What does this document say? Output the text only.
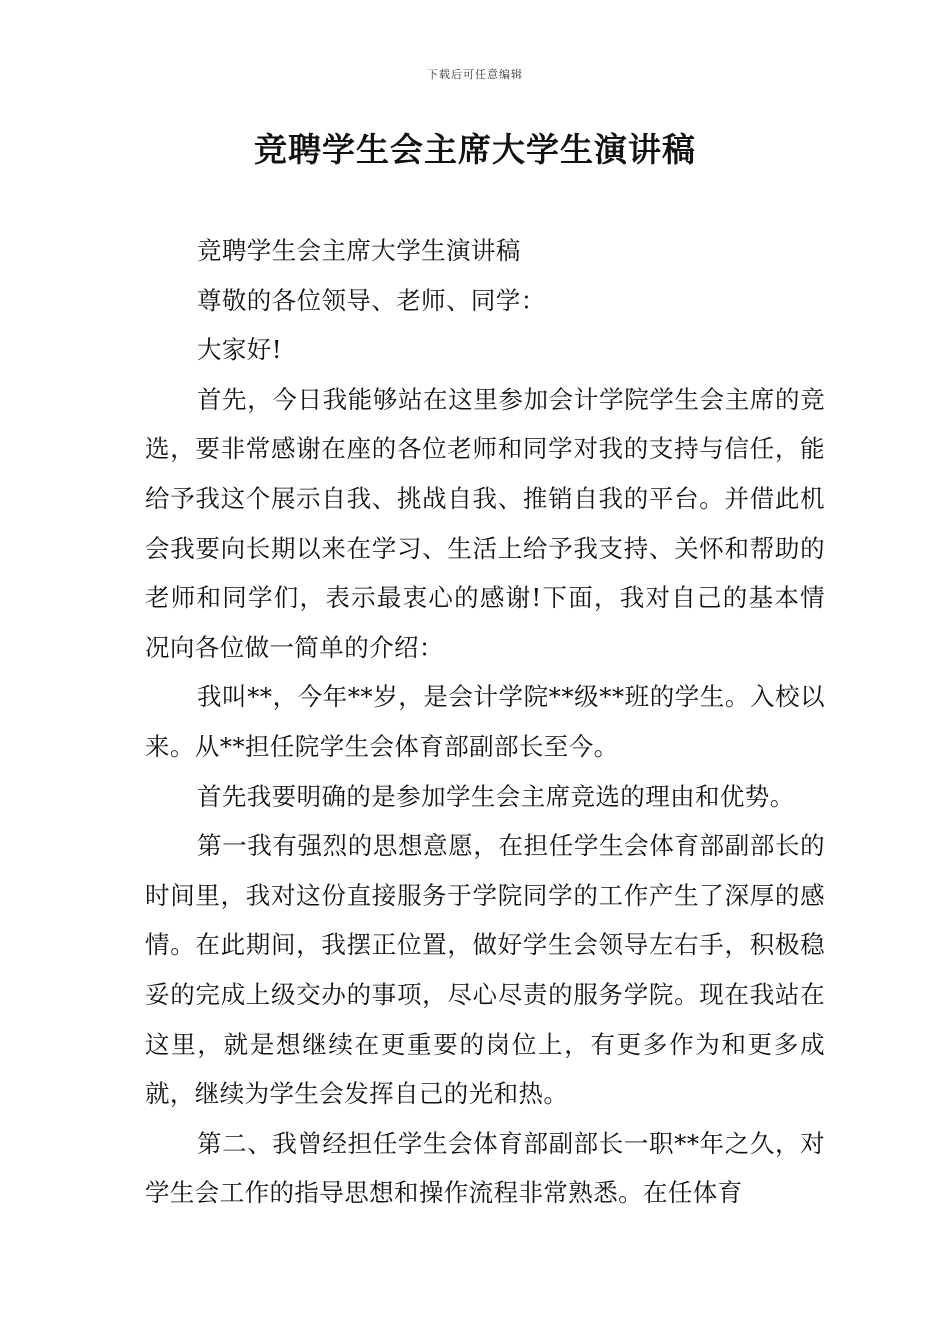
下载后可任意编辑
竞聘学生会主席大学生演讲稿

竞聘学生会主席大学生演讲稿

尊敬的各位领导、老师、同学：

大家好!

首先，今日我能够站在这里参加会计学院学生会主席的竞选，要非常感谢在座的各位老师和同学对我的支持与信任，能给予我这个展示自我、挑战自我、推销自我的平台。并借此机会我要向长期以来在学习、生活上给予我支持、关怀和帮助的老师和同学们，表示最衷心的感谢!下面，我对自己的基本情况向各位做一简单的介绍：

我叫**，今年**岁，是会计学院**级**班的学生。入校以来。从**担任院学生会体育部副部长至今。

首先我要明确的是参加学生会主席竞选的理由和优势。

第一我有强烈的思想意愿，在担任学生会体育部副部长的时间里，我对这份直接服务于学院同学的工作产生了深厚的感情。在此期间，我摆正位置，做好学生会领导左右手，积极稳妥的完成上级交办的事项，尽心尽责的服务学院。现在我站在这里，就是想继续在更重要的岗位上，有更多作为和更多成就，继续为学生会发挥自己的光和热。

第二、我曾经担任学生会体育部副部长一职**年之久，对学生会工作的指导思想和操作流程非常熟悉。在任体育
